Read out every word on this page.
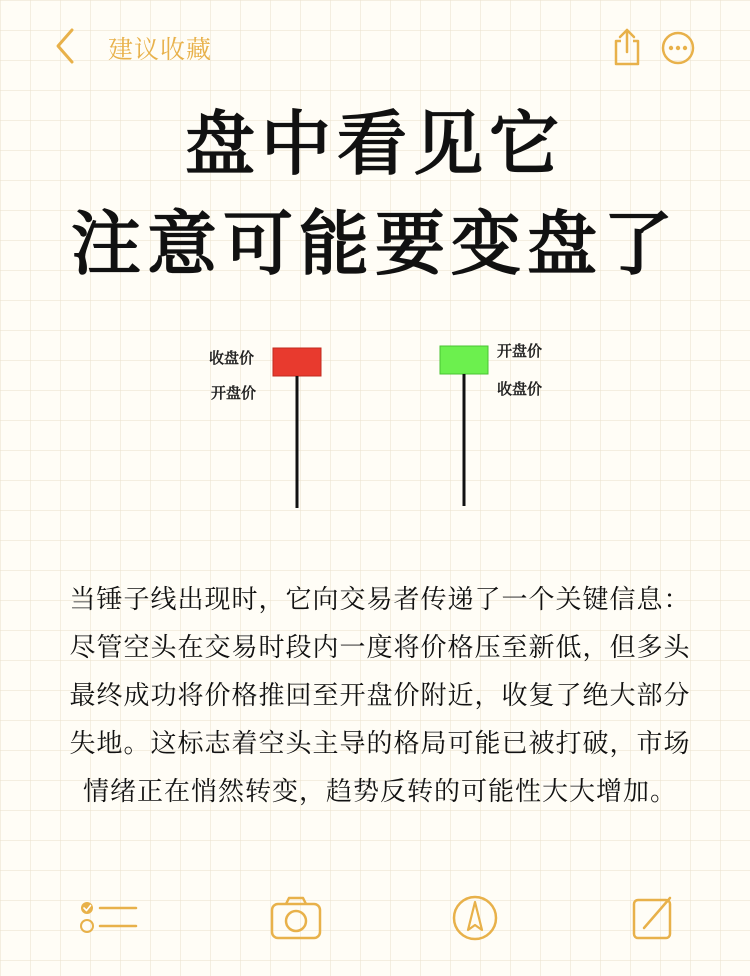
建议收藏
盘中看见它
注意可能要变盘了
收盘价
开盘价
开盘价
收盘价
当锤子线出现时，它向交易者传递了一个关键信息：尽管空头在交易时段内一度将价格压至新低，但多头最终成功将价格推回至开盘价附近，收复了绝大部分失地。这标志着空头主导的格局可能已被打破，市场情绪正在悄然转变，趋势反转的可能性大大增加。
